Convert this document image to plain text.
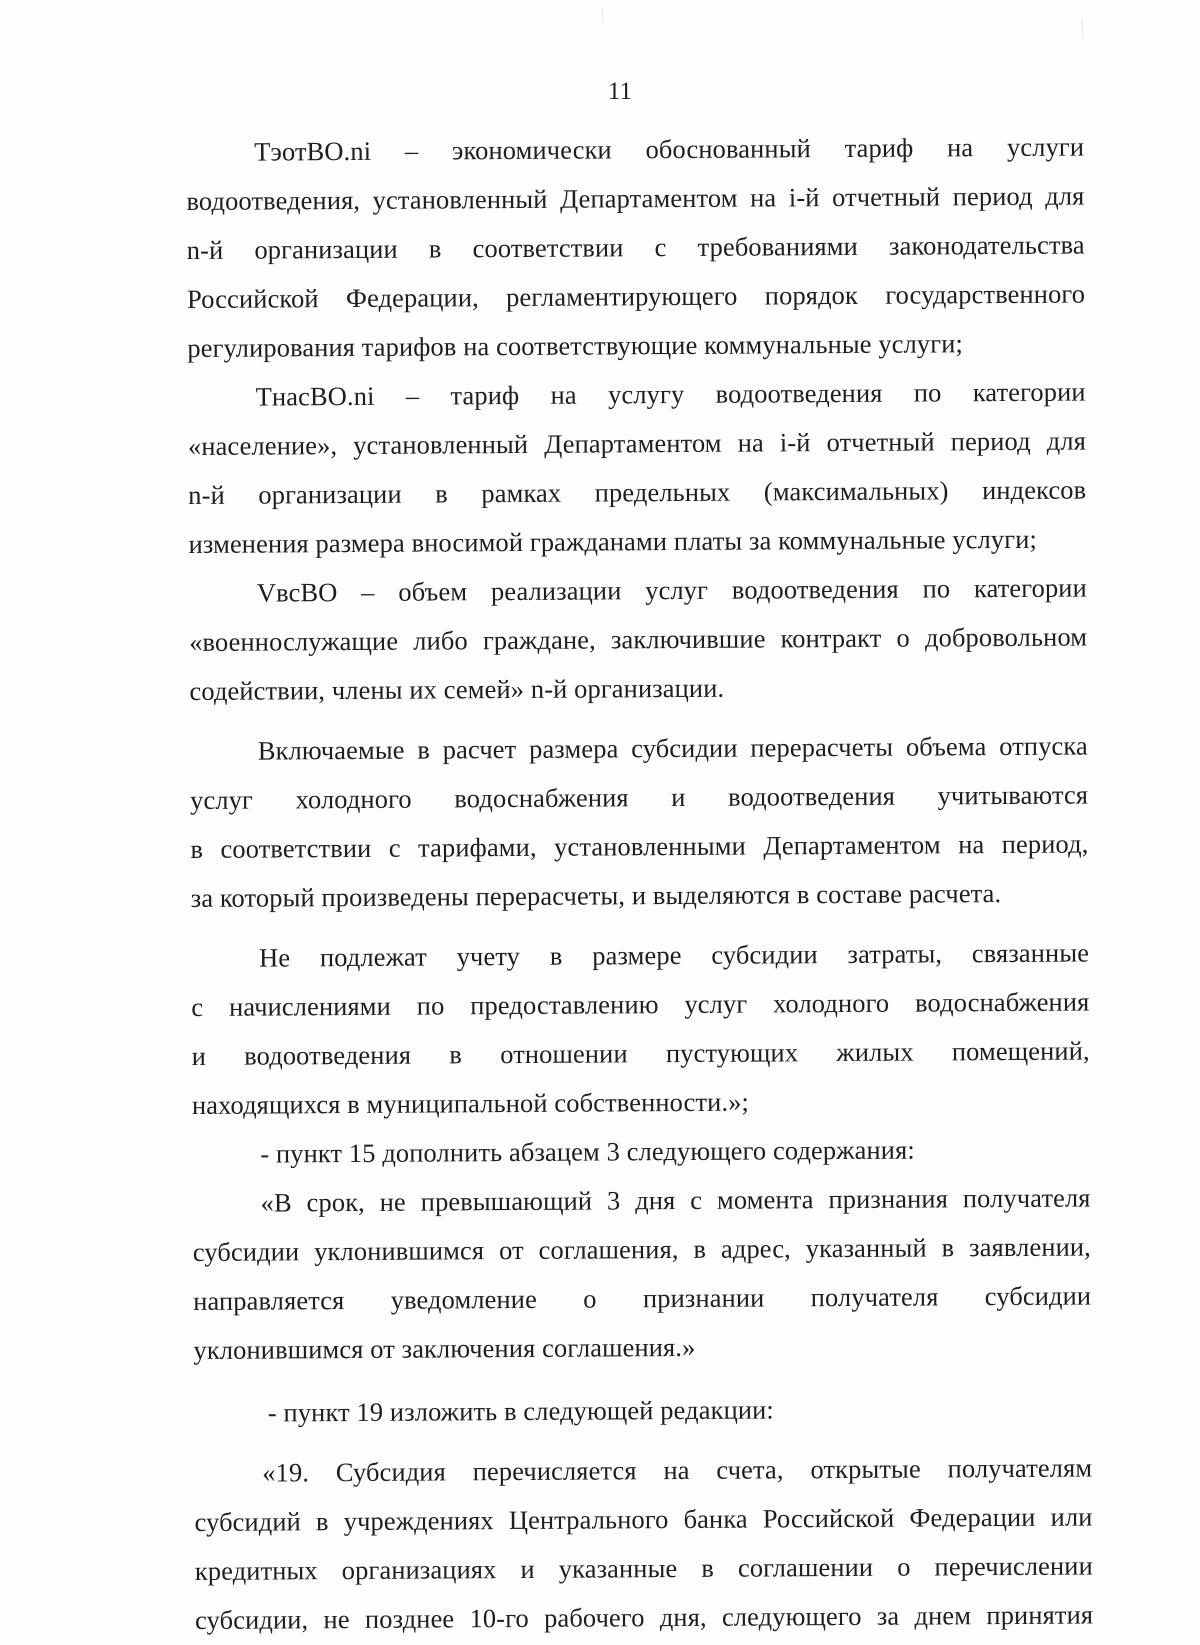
11
ТэотВО.ni – экономически обоснованный тариф на услуги
водоотведения, установленный Департаментом на i-й отчетный период для
n-й организации в соответствии с требованиями законодательства
Российской Федерации, регламентирующего порядок государственного
регулирования тарифов на соответствующие коммунальные услуги;
ТнасВО.ni – тариф на услугу водоотведения по категории
«население», установленный Департаментом на i-й отчетный период для
n-й организации в рамках предельных (максимальных) индексов
изменения размера вносимой гражданами платы за коммунальные услуги;
VвсВО – объем реализации услуг водоотведения по категории
«военнослужащие либо граждане, заключившие контракт о добровольном
содействии, члены их семей» n-й организации.
Включаемые в расчет размера субсидии перерасчеты объема отпуска
услуг холодного водоснабжения и водоотведения учитываются
в соответствии с тарифами, установленными Департаментом на период,
за который произведены перерасчеты, и выделяются в составе расчета.
Не подлежат учету в размере субсидии затраты, связанные
с начислениями по предоставлению услуг холодного водоснабжения
и водоотведения в отношении пустующих жилых помещений,
находящихся в муниципальной собственности.»;
- пункт 15 дополнить абзацем 3 следующего содержания:
«В срок, не превышающий 3 дня с момента признания получателя
субсидии уклонившимся от соглашения, в адрес, указанный в заявлении,
направляется уведомление о признании получателя субсидии
уклонившимся от заключения соглашения.»
- пункт 19 изложить в следующей редакции:
«19. Субсидия перечисляется на счета, открытые получателям
субсидий в учреждениях Центрального банка Российской Федерации или
кредитных организациях и указанные в соглашении о перечислении
субсидии, не позднее 10-го рабочего дня, следующего за днем принятия
